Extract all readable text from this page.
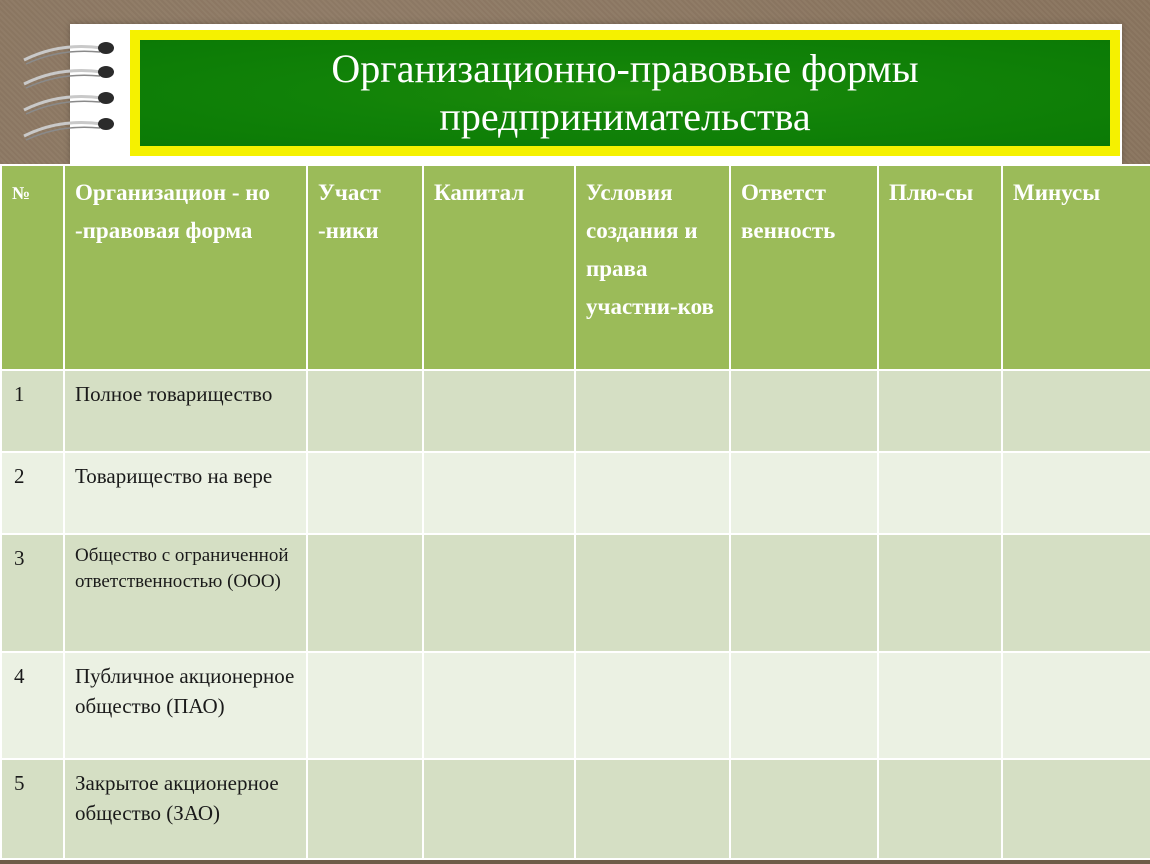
Организационно-правовые формы
предпринимательства
№	Организацион - но -правовая форма	Участ -ники	Капитал	Условия создания и права участни-ков	Ответст венность	Плю-сы	Минусы
1	Полное товарищество						
2	Товарищество на вере						
3	Общество с ограниченной ответственностью (ООО)						
4	Публичное акционерное общество (ПАО)						
5	Закрытое акционерное общество (ЗАО)						
